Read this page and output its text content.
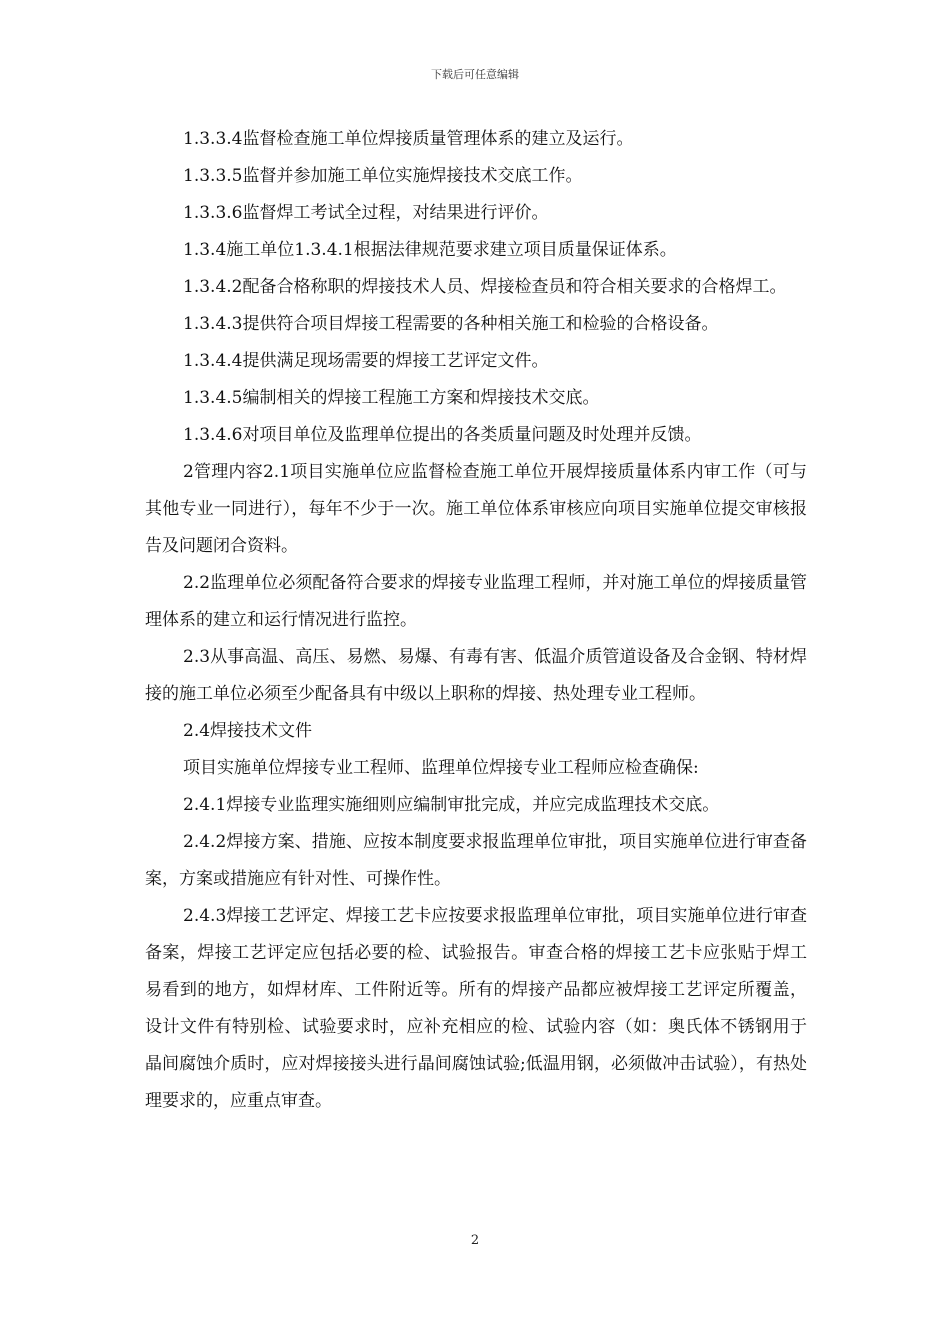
下载后可任意编辑

1.3.3.4监督检查施工单位焊接质量管理体系的建立及运行。

1.3.3.5监督并参加施工单位实施焊接技术交底工作。

1.3.3.6监督焊工考试全过程，对结果进行评价。

1.3.4施工单位1.3.4.1根据法律规范要求建立项目质量保证体系。

1.3.4.2配备合格称职的焊接技术人员、焊接检查员和符合相关要求的合格焊工。

1.3.4.3提供符合项目焊接工程需要的各种相关施工和检验的合格设备。

1.3.4.4提供满足现场需要的焊接工艺评定文件。

1.3.4.5编制相关的焊接工程施工方案和焊接技术交底。

1.3.4.6对项目单位及监理单位提出的各类质量问题及时处理并反馈。

2管理内容2.1项目实施单位应监督检查施工单位开展焊接质量体系内审工作（可与其他专业一同进行），每年不少于一次。施工单位体系审核应向项目实施单位提交审核报告及问题闭合资料。

2.2监理单位必须配备符合要求的焊接专业监理工程师，并对施工单位的焊接质量管理体系的建立和运行情况进行监控。

2.3从事高温、高压、易燃、易爆、有毒有害、低温介质管道设备及合金钢、特材焊接的施工单位必须至少配备具有中级以上职称的焊接、热处理专业工程师。

2.4焊接技术文件

项目实施单位焊接专业工程师、监理单位焊接专业工程师应检查确保:

2.4.1焊接专业监理实施细则应编制审批完成，并应完成监理技术交底。

2.4.2焊接方案、措施、应按本制度要求报监理单位审批，项目实施单位进行审查备案，方案或措施应有针对性、可操作性。

2.4.3焊接工艺评定、焊接工艺卡应按要求报监理单位审批，项目实施单位进行审查备案，焊接工艺评定应包括必要的检、试验报告。审查合格的焊接工艺卡应张贴于焊工易看到的地方，如焊材库、工件附近等。所有的焊接产品都应被焊接工艺评定所覆盖，设计文件有特别检、试验要求时，应补充相应的检、试验内容（如：奥氏体不锈钢用于晶间腐蚀介质时，应对焊接接头进行晶间腐蚀试验;低温用钢，必须做冲击试验），有热处理要求的，应重点审查。

2
